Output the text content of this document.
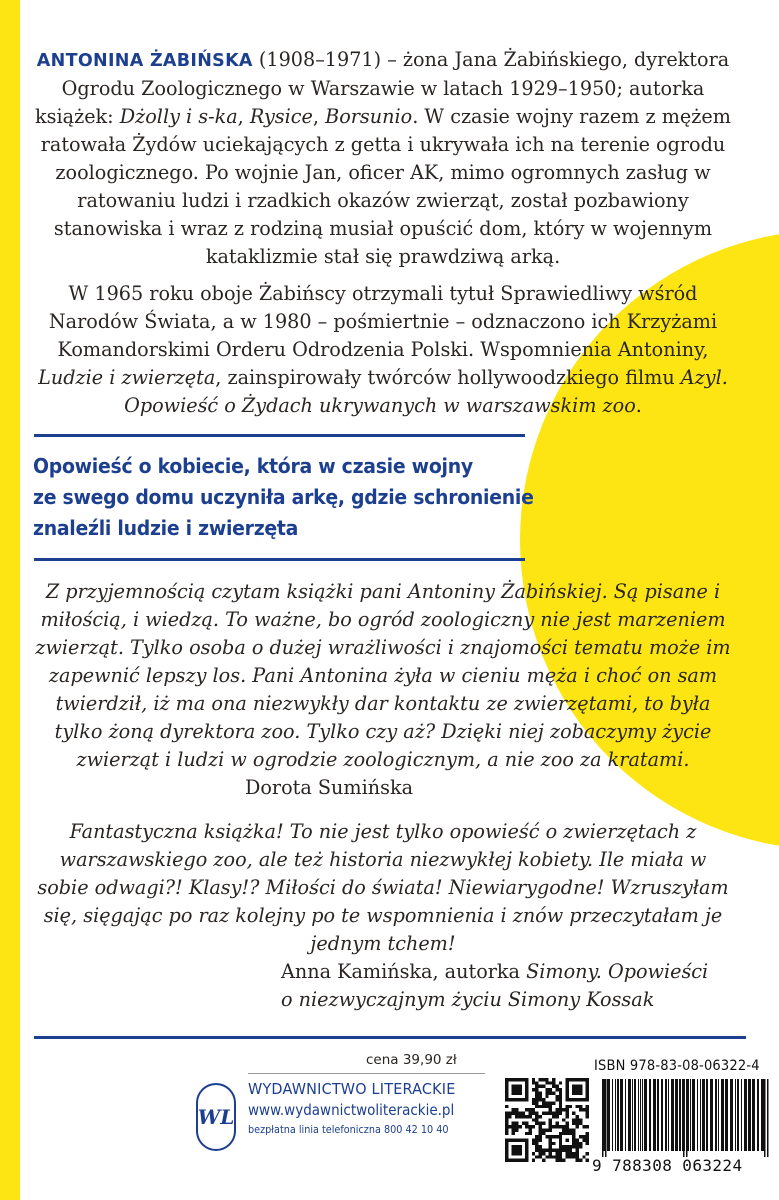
ANTONINA ŻABIŃSKA (1908–1971) – żona Jana Żabińskiego, dyrektora Ogrodu Zoologicznego w Warszawie w latach 1929–1950; autorka książek: Dżolly i s-ka, Rysice, Borsunio. W czasie wojny razem z mężem ratowała Żydów uciekających z getta i ukrywała ich na terenie ogrodu zoologicznego. Po wojnie Jan, oficer AK, mimo ogromnych zasług w ratowaniu ludzi i rzadkich okazów zwierząt, został pozbawiony stanowiska i wraz z rodziną musiał opuścić dom, który w wojennym kataklizmie stał się prawdziwą arką.

W 1965 roku oboje Żabińscy otrzymali tytuł Sprawiedliwy wśród Narodów Świata, a w 1980 – pośmiertnie – odznaczono ich Krzyżami Komandorskimi Orderu Odrodzenia Polski. Wspomnienia Antoniny, Ludzie i zwierzęta, zainspirowały twórców hollywoodzkiego filmu Azyl. Opowieść o Żydach ukrywanych w warszawskim zoo.

Opowieść o kobiecie, która w czasie wojny
ze swego domu uczyniła arkę, gdzie schronienie
znaleźli ludzie i zwierzęta

Z przyjemnością czytam książki pani Antoniny Żabińskiej. Są pisane i miłością, i wiedzą. To ważne, bo ogród zoologiczny nie jest marzeniem zwierząt. Tylko osoba o dużej wrażliwości i znajomości tematu może im zapewnić lepszy los. Pani Antonina żyła w cieniu męża i choć on sam twierdził, iż ma ona niezwykły dar kontaktu ze zwierzętami, to była tylko żoną dyrektora zoo. Tylko czy aż? Dzięki niej zobaczymy życie zwierząt i ludzi w ogrodzie zoologicznym, a nie zoo za kratami.

Dorota Sumińska

Fantastyczna książka! To nie jest tylko opowieść o zwierzętach z warszawskiego zoo, ale też historia niezwykłej kobiety. Ile miała w sobie odwagi?! Klasy!? Miłości do świata! Niewiarygodne! Wzruszyłam się, sięgając po raz kolejny po te wspomnienia i znów przeczytałam je jednym tchem!

Anna Kamińska, autorka Simony. Opowieści
o niezwyczajnym życiu Simony Kossak
cena 39,90 zł
WL
WYDAWNICTWO LITERACKIE
www.wydawnictwoliterackie.pl
bezpłatna linia telefoniczna 800 42 10 40
ISBN 978-83-08-06322-4
9 788308 063224
